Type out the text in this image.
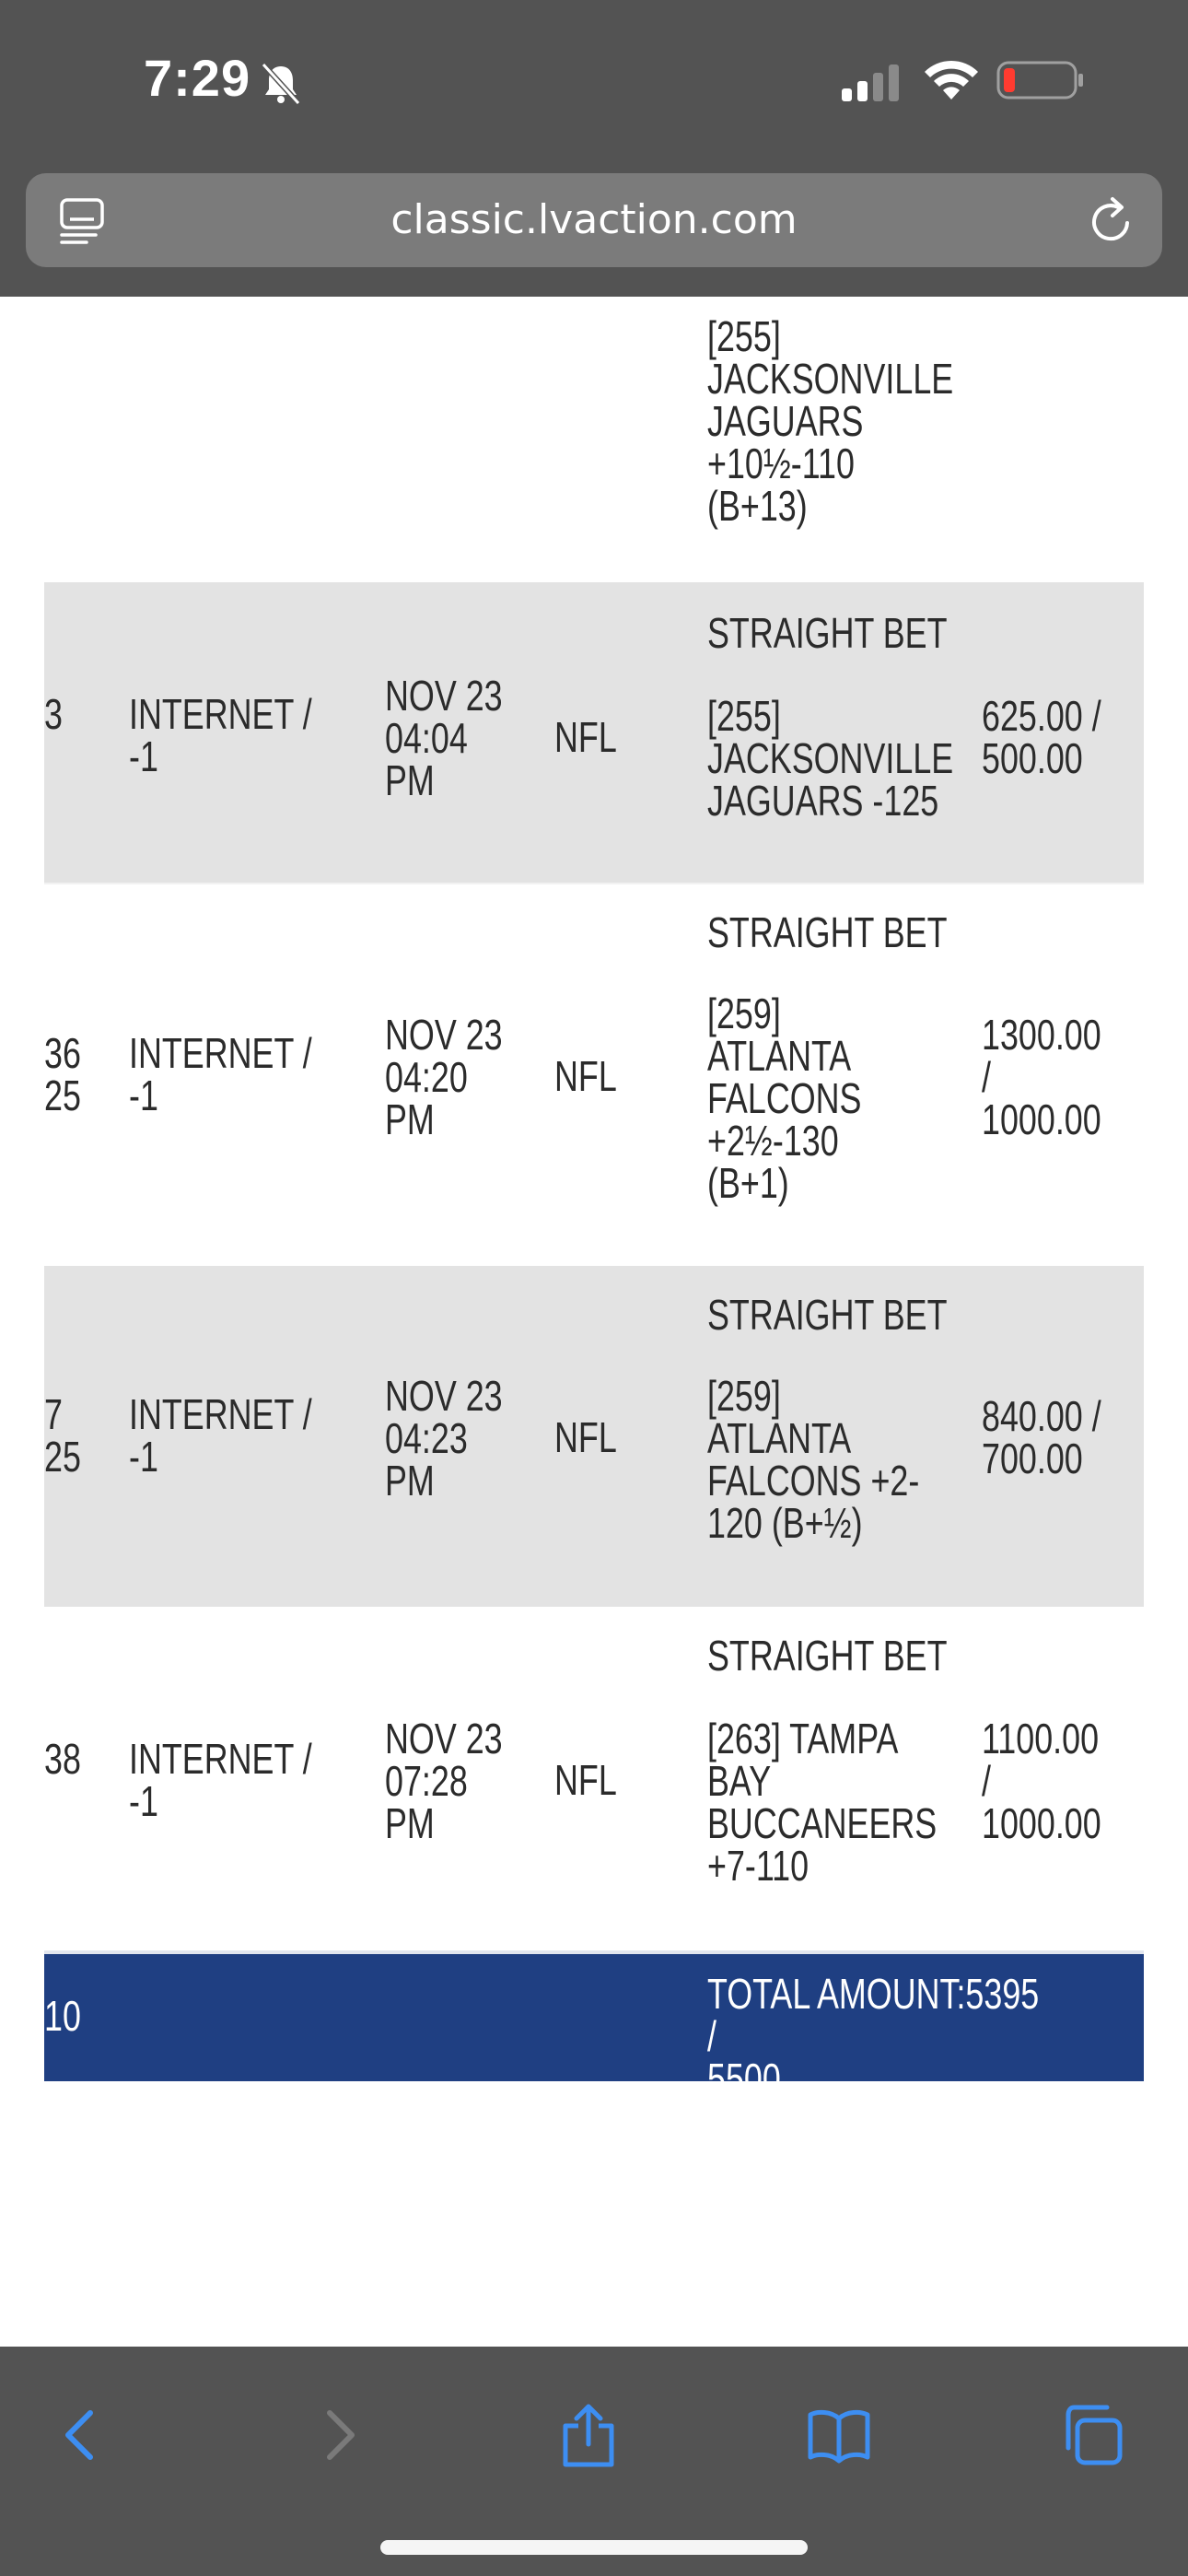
7:29
classic.lvaction.com
[255]
JACKSONVILLE
JAGUARS
+10½-110
(B+13)
3 INTERNET /
-1
NOV 23
04:04
PM
NFL
STRAIGHT BET
[255]
JACKSONVILLE
JAGUARS -125
625.00 /
500.00
36
25
INTERNET /
-1
NOV 23
04:20
PM
NFL
STRAIGHT BET
[259]
ATLANTA
FALCONS
+2½-130
(B+1)
1300.00
/
1000.00
7
25
INTERNET /
-1
NOV 23
04:23
PM
NFL
STRAIGHT BET
[259]
ATLANTA
FALCONS +2-
120 (B+½)
840.00 /
700.00
38 INTERNET /
-1
NOV 23
07:28
PM
NFL
STRAIGHT BET
[263] TAMPA
BAY
BUCCANEERS
+7-110
1100.00
/
1000.00
10	TOTAL AMOUNT:5395 /
5500
